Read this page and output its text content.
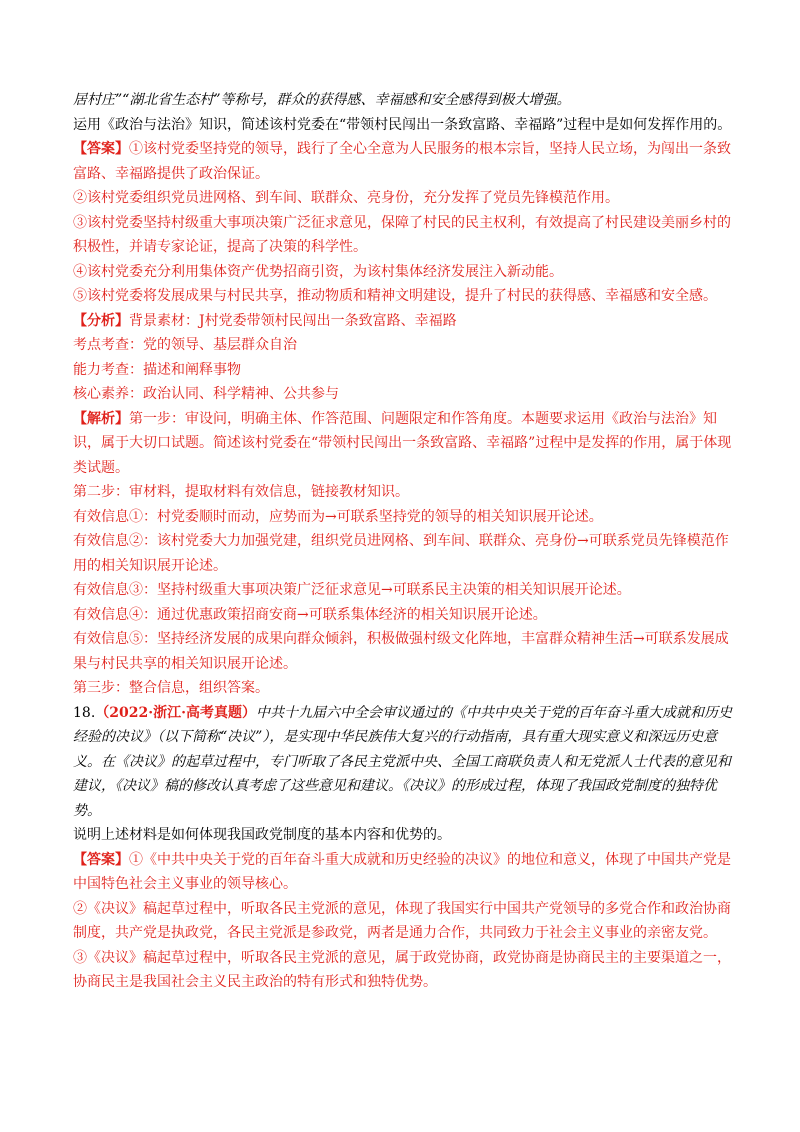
居村庄”“湖北省生态村”等称号，群众的获得感、幸福感和安全感得到极大增强。

运用《政治与法治》知识，简述该村党委在“带领村民闯出一条致富路、幸福路”过程中是如何发挥作用的。

【答案】①该村党委坚持党的领导，践行了全心全意为人民服务的根本宗旨，坚持人民立场，为闯出一条致富路、幸福路提供了政治保证。

②该村党委组织党员进网格、到车间、联群众、亮身份，充分发挥了党员先锋模范作用。

③该村党委坚持村级重大事项决策广泛征求意见，保障了村民的民主权利，有效提高了村民建设美丽乡村的积极性，并请专家论证，提高了决策的科学性。

④该村党委充分利用集体资产优势招商引资，为该村集体经济发展注入新动能。

⑤该村党委将发展成果与村民共享，推动物质和精神文明建设，提升了村民的获得感、幸福感和安全感。

【分析】背景素材：J村党委带领村民闯出一条致富路、幸福路

考点考查：党的领导、基层群众自治

能力考查：描述和阐释事物

核心素养：政治认同、科学精神、公共参与

【解析】第一步：审设问，明确主体、作答范围、问题限定和作答角度。本题要求运用《政治与法治》知识，属于大切口试题。简述该村党委在“带领村民闯出一条致富路、幸福路”过程中是发挥的作用，属于体现类试题。

第二步：审材料，提取材料有效信息，链接教材知识。

有效信息①：村党委顺时而动，应势而为→可联系坚持党的领导的相关知识展开论述。

有效信息②：该村党委大力加强党建，组织党员进网格、到车间、联群众、亮身份→可联系党员先锋模范作用的相关知识展开论述。

有效信息③：坚持村级重大事项决策广泛征求意见→可联系民主决策的相关知识展开论述。

有效信息④：通过优惠政策招商安商→可联系集体经济的相关知识展开论述。

有效信息⑤：坚持经济发展的成果向群众倾斜，积极做强村级文化阵地，丰富群众精神生活→可联系发展成果与村民共享的相关知识展开论述。

第三步：整合信息，组织答案。

18.（2022·浙江·高考真题）中共十九届六中全会审议通过的《中共中央关于党的百年奋斗重大成就和历史经验的决议》（以下简称“决议”），是实现中华民族伟大复兴的行动指南，具有重大现实意义和深远历史意义。在《决议》的起草过程中，专门听取了各民主党派中央、全国工商联负责人和无党派人士代表的意见和建议，《决议》稿的修改认真考虑了这些意见和建议。《决议》的形成过程，体现了我国政党制度的独特优势。

说明上述材料是如何体现我国政党制度的基本内容和优势的。

【答案】①《中共中央关于党的百年奋斗重大成就和历史经验的决议》的地位和意义，体现了中国共产党是中国特色社会主义事业的领导核心。

②《决议》稿起草过程中，听取各民主党派的意见，体现了我国实行中国共产党领导的多党合作和政治协商制度，共产党是执政党，各民主党派是参政党，两者是通力合作，共同致力于社会主义事业的亲密友党。

③《决议》稿起草过程中，听取各民主党派的意见，属于政党协商，政党协商是协商民主的主要渠道之一，协商民主是我国社会主义民主政治的特有形式和独特优势。
